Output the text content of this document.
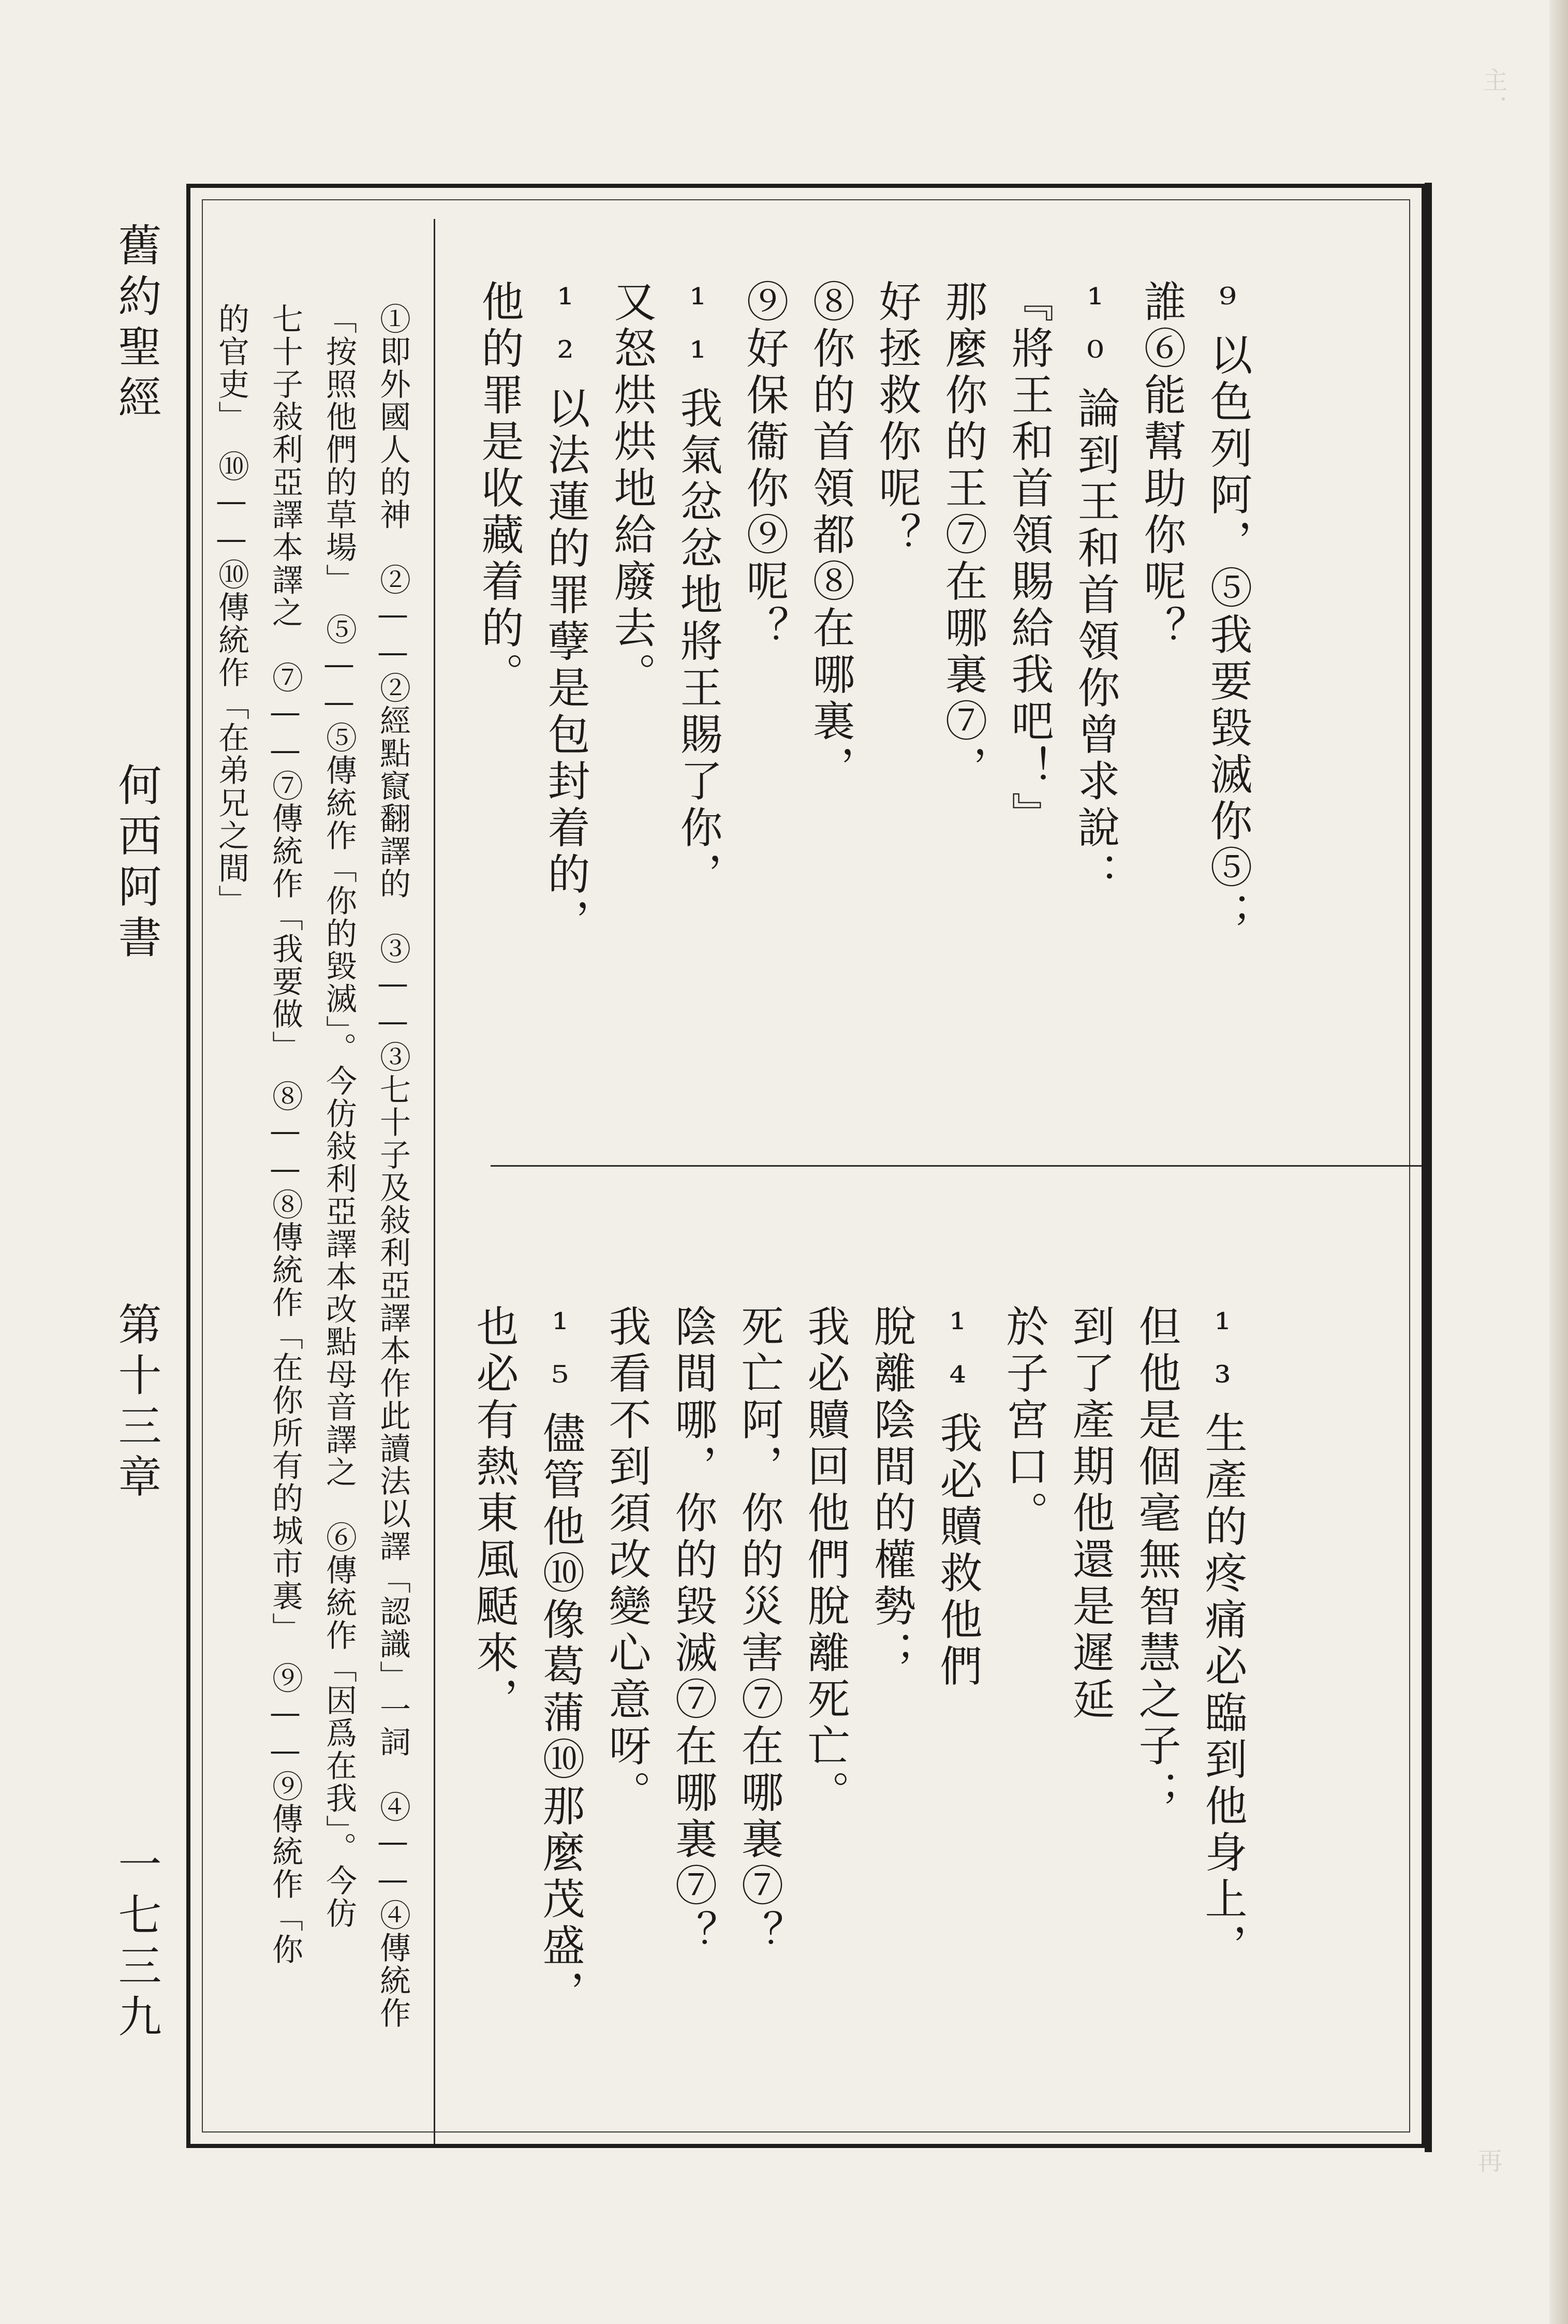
主．
再
舊約聖經
何西阿書
第十三章
一七三九
⁹以色列阿，⑤我要毀滅你⑤；
誰⑥能幫助你呢？
¹⁰論到王和首領你曾求說：
『將王和首領賜給我吧！』
那麼你的王⑦在哪裏⑦，
好拯救你呢？
⑧你的首領都⑧在哪裏，
⑨好保衞你⑨呢？
¹¹我氣忿忿地將王賜了你，
又怒烘烘地給廢去。
¹²以法蓮的罪孽是包封着的，
他的罪是收藏着的。
¹³生產的疼痛必臨到他身上，
但他是個毫無智慧之子；
到了產期他還是遲延
於子宮口。
¹⁴我必贖救他們
脫離陰間的權勢；
我必贖回他們脫離死亡。
死亡阿，你的災害⑦在哪裏⑦？
陰間哪，你的毀滅⑦在哪裏⑦？
我看不到須改變心意呀。
¹⁵儘管他⑩像葛蒲⑩那麼茂盛，
也必有熱東風颳來，
①即外國人的神　②——②經點竄翻譯的　③——③七十子及敍利亞譯本作此讀法以譯「認識」一詞　④——④傳統作
「按照他們的草場」　⑤——⑤傳統作「你的毀滅」。今仿敍利亞譯本改點母音譯之　⑥傳統作「因爲在我」。今仿
七十子敍利亞譯本譯之　⑦——⑦傳統作「我要做」　⑧——⑧傳統作「在你所有的城市裏」　⑨——⑨傳統作「你
的官吏」　⑩——⑩傳統作「在弟兄之間」
